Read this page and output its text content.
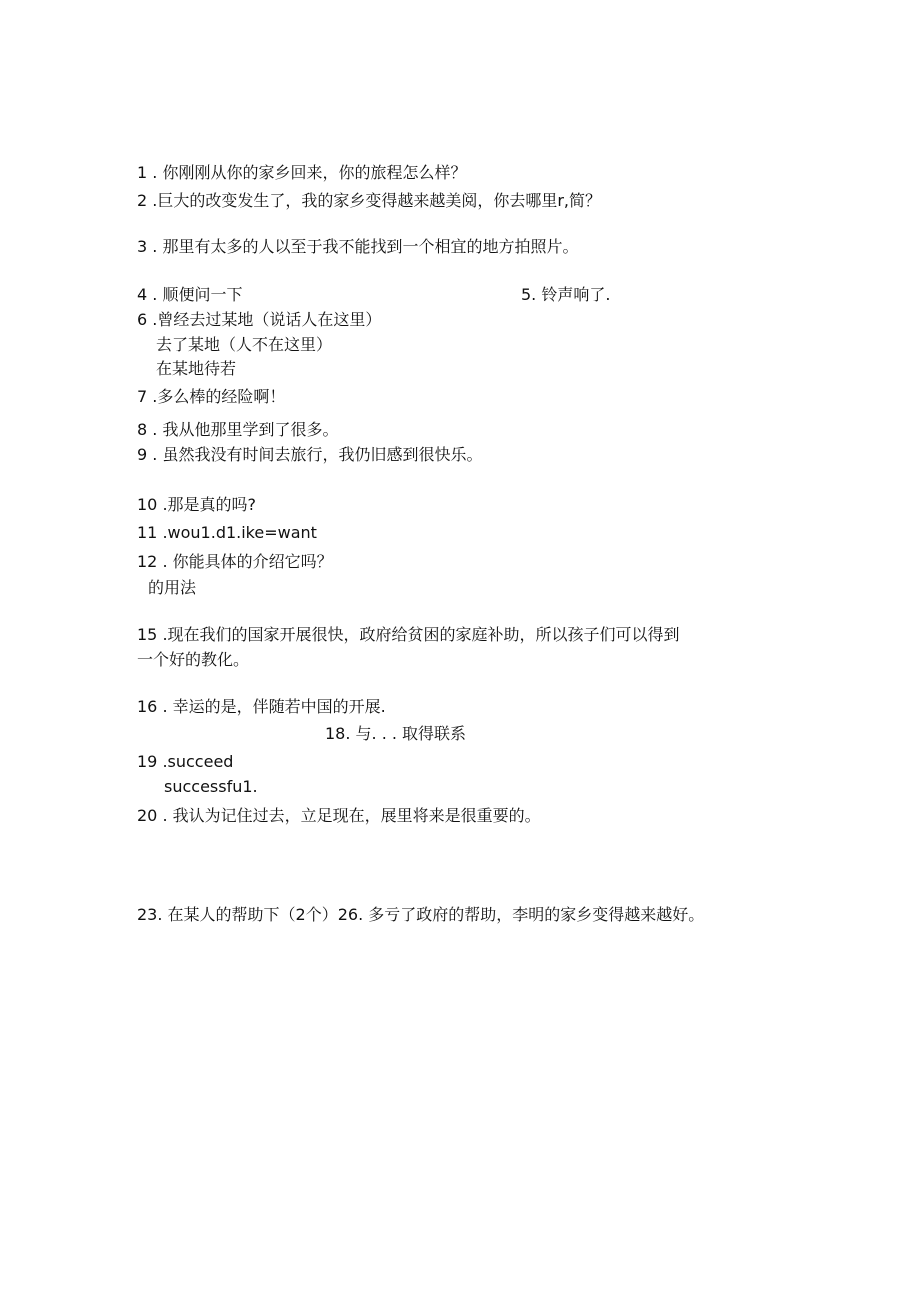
1 . 你刚刚从你的家乡回来，你的旅程怎么样？
2 .巨大的改变发生了，我的家乡变得越来越美阅，你去哪里r,简？
3 . 那里有太多的人以至于我不能找到一个相宜的地方拍照片。
4 . 顺便问一下	5. 铃声响了.
6 .曾经去过某地（说话人在这里）
去了某地（人不在这里）
在某地待若
7 .多么棒的经险啊！
8 . 我从他那里学到了很多。
9 . 虽然我没有时间去旅行，我仍旧感到很快乐。
10 .那是真的吗?
11 .wou1.d1.ike=want
12 . 你能具体的介绍它吗？
的用法
15 .现在我们的国家开展很快，政府给贫困的家庭补助，所以孩子们可以得到
一个好的教化。
16 . 幸运的是，伴随若中国的开展.
18. 与. . . 取得联系
19 .succeed
successfu1.
20 . 我认为记住过去，立足现在，展里将来是很重要的。
23. 在某人的帮助下（2个）26. 多亏了政府的帮助，李明的家乡变得越来越好。
